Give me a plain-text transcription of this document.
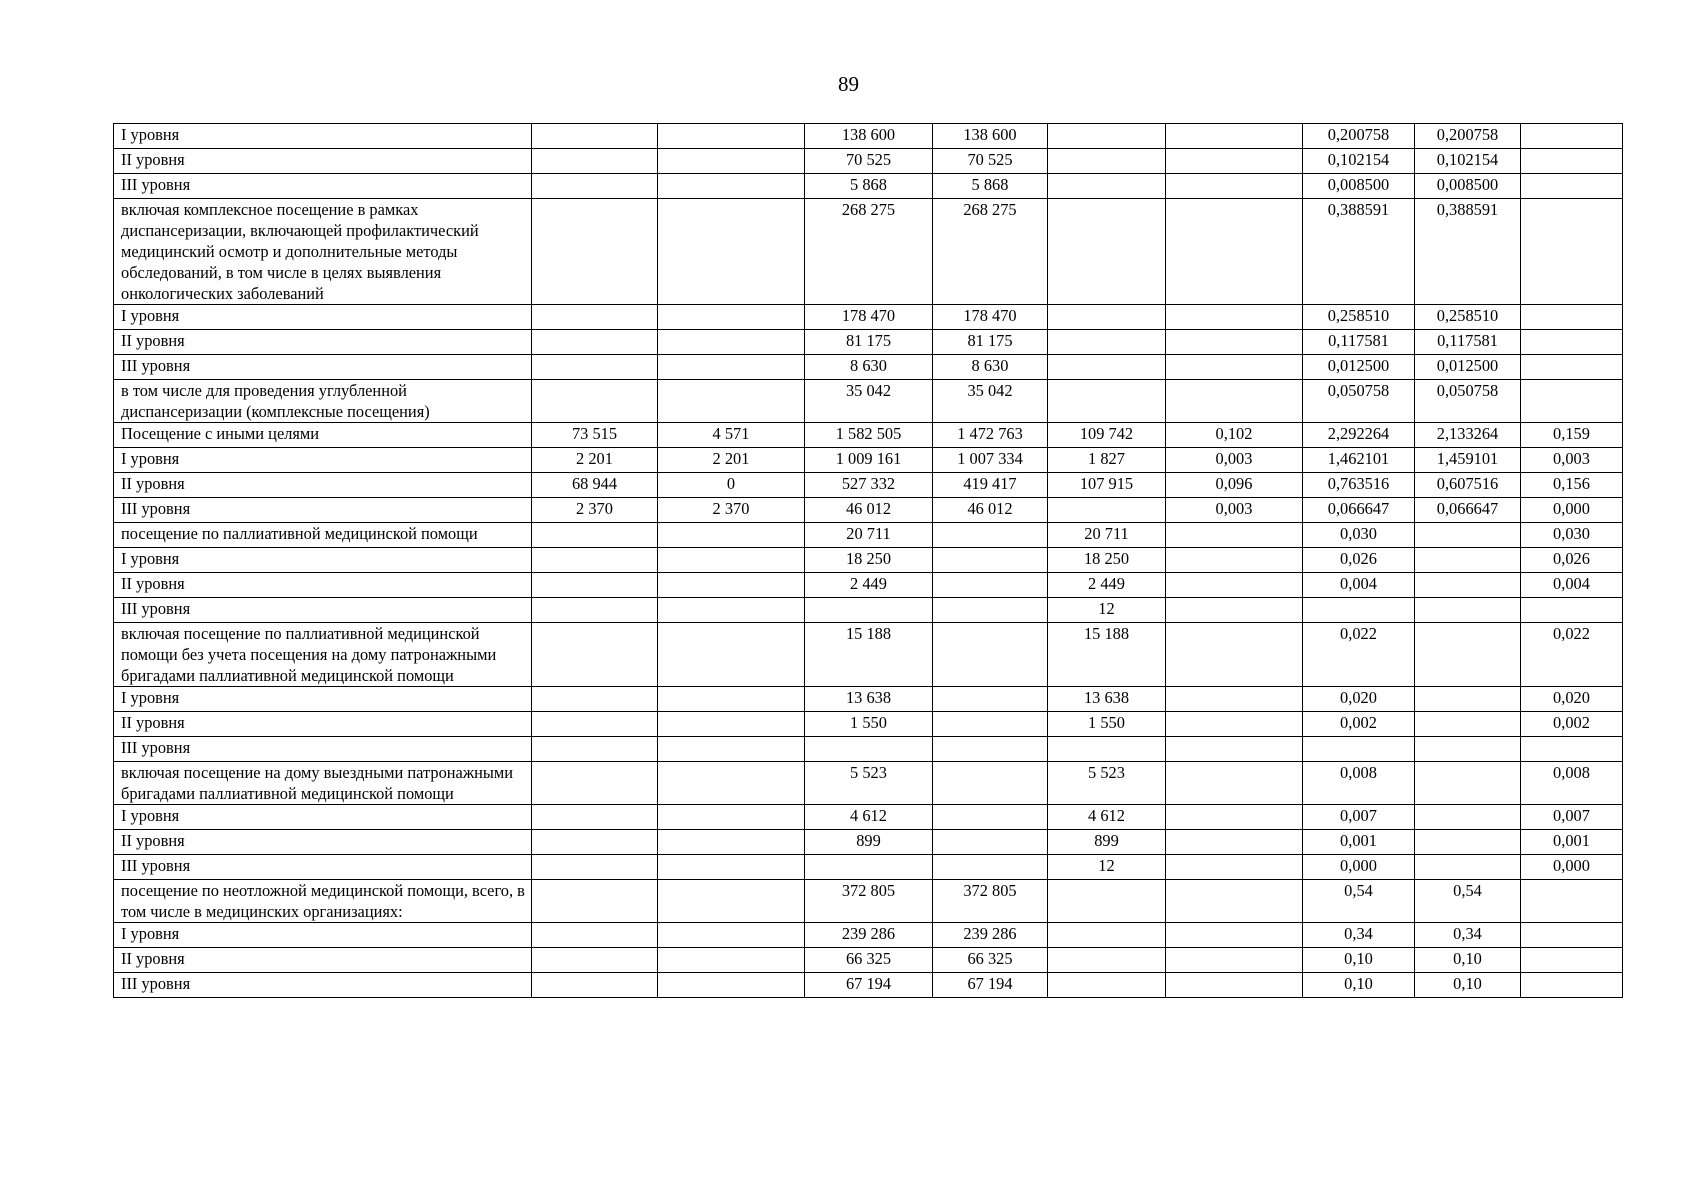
89
I уровня			138 600	138 600			0,200758	0,200758	
II уровня			70 525	70 525			0,102154	0,102154	
III уровня			5 868	5 868			0,008500	0,008500	
включая комплексное посещение в рамках диспансеризации, включающей профилактический медицинский осмотр и дополнительные методы обследований, в том числе в целях выявления онкологических заболеваний			268 275	268 275			0,388591	0,388591	
I уровня			178 470	178 470			0,258510	0,258510	
II уровня			81 175	81 175			0,117581	0,117581	
III уровня			8 630	8 630			0,012500	0,012500	
в том числе для проведения углубленной диспансеризации (комплексные посещения)			35 042	35 042			0,050758	0,050758	
Посещение с иными целями	73 515	4 571	1 582 505	1 472 763	109 742	0,102	2,292264	2,133264	0,159
I уровня	2 201	2 201	1 009 161	1 007 334	1 827	0,003	1,462101	1,459101	0,003
II уровня	68 944	0	527 332	419 417	107 915	0,096	0,763516	0,607516	0,156
III уровня	2 370	2 370	46 012	46 012		0,003	0,066647	0,066647	0,000
посещение по паллиативной медицинской помощи			20 711		20 711		0,030		0,030
I уровня			18 250		18 250		0,026		0,026
II уровня			2 449		2 449		0,004		0,004
III уровня					12				
включая посещение по паллиативной медицинской помощи без учета посещения на дому патронажными бригадами паллиативной медицинской помощи			15 188		15 188		0,022		0,022
I уровня			13 638		13 638		0,020		0,020
II уровня			1 550		1 550		0,002		0,002
III уровня									
включая посещение на дому выездными патронажными бригадами паллиативной медицинской помощи			5 523		5 523		0,008		0,008
I уровня			4 612		4 612		0,007		0,007
II уровня			899		899		0,001		0,001
III уровня					12		0,000		0,000
посещение по неотложной медицинской помощи, всего, в том числе в медицинских организациях:			372 805	372 805			0,54	0,54	
I уровня			239 286	239 286			0,34	0,34	
II уровня			66 325	66 325			0,10	0,10	
III уровня			67 194	67 194			0,10	0,10	
